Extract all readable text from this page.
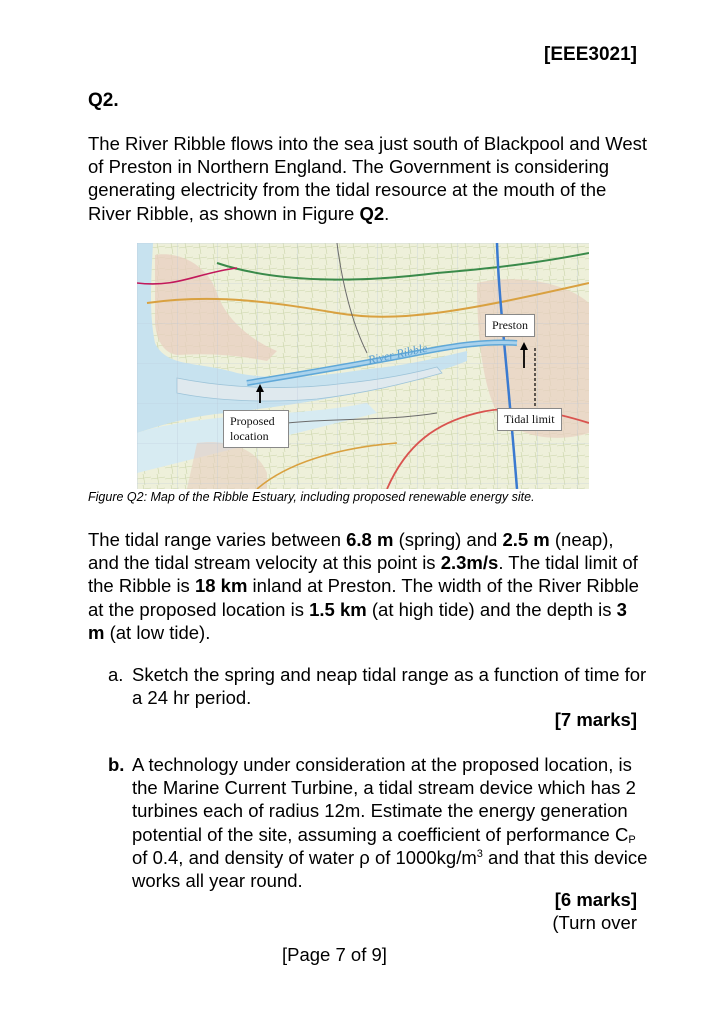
[EEE3021]
Q2.
The River Ribble flows into the sea just south of Blackpool and West of Preston in Northern England. The Government is considering generating electricity from the tidal resource at the mouth of the River Ribble, as shown in Figure Q2.
River Ribble
Preston
Tidal limit
Proposed location
Figure Q2: Map of the Ribble Estuary, including proposed renewable energy site.
The tidal range varies between 6.8 m (spring) and 2.5 m (neap), and the tidal stream velocity at this point is 2.3m/s. The tidal limit of the Ribble is 18 km inland at Preston. The width of the River Ribble at the proposed location is 1.5 km (at high tide) and the depth is 3 m (at low tide).
a. Sketch the spring and neap tidal range as a function of time for a 24 hr period.
[7 marks]
b. A technology under consideration at the proposed location, is the Marine Current Turbine, a tidal stream device which has 2 turbines each of radius 12m. Estimate the energy generation potential of the site, assuming a coefficient of performance $C_P$ of 0.4, and density of water ρ of $1000kg/m^3$ and that this device works all year round.
[6 marks]
(Turn over
[Page 7 of 9]
